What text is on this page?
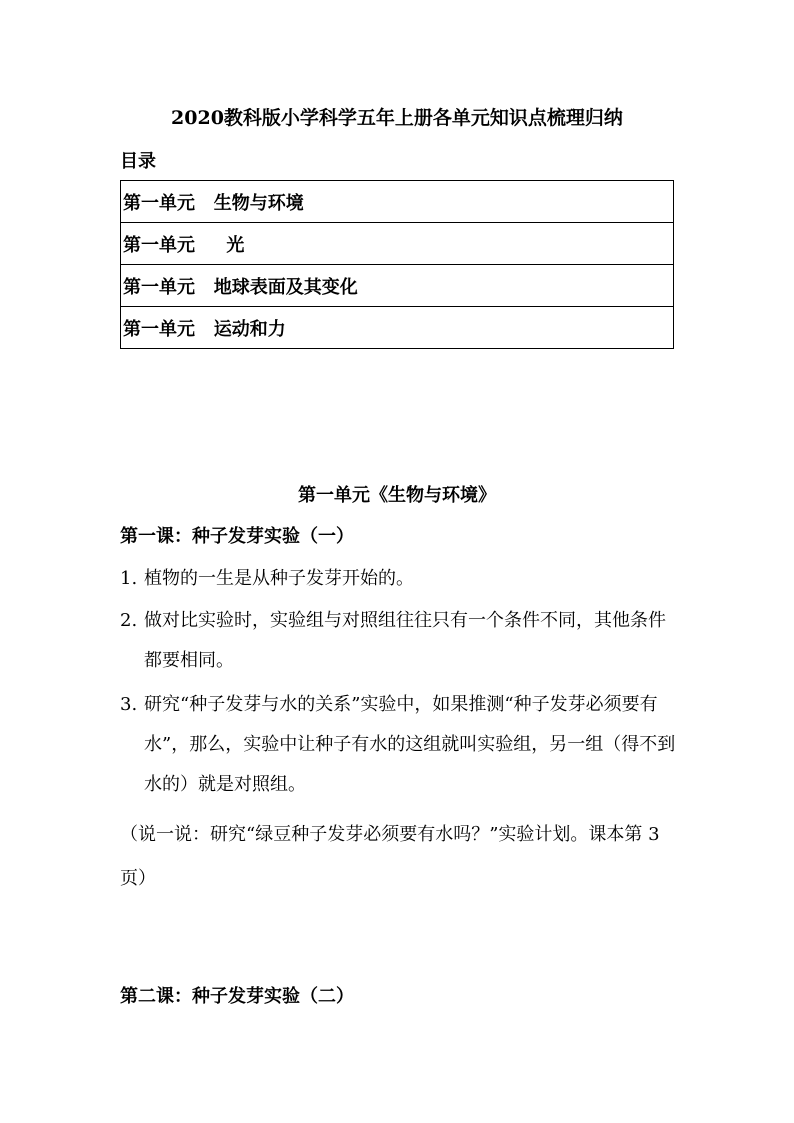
2020教科版小学科学五年上册各单元知识点梳理归纳
目录
第一单元   生物与环境
第一单元     光
第一单元   地球表面及其变化
第一单元   运动和力
第一单元《生物与环境》
第一课：种子发芽实验（一）
1. 植物的一生是从种子发芽开始的。
2. 做对比实验时，实验组与对照组往往只有一个条件不同，其他条件都要相同。
3. 研究“种子发芽与水的关系”实验中，如果推测“种子发芽必须要有水”，那么，实验中让种子有水的这组就叫实验组，另一组（得不到水的）就是对照组。
（说一说：研究“绿豆种子发芽必须要有水吗？”实验计划。课本第 3 页）
第二课：种子发芽实验（二）
